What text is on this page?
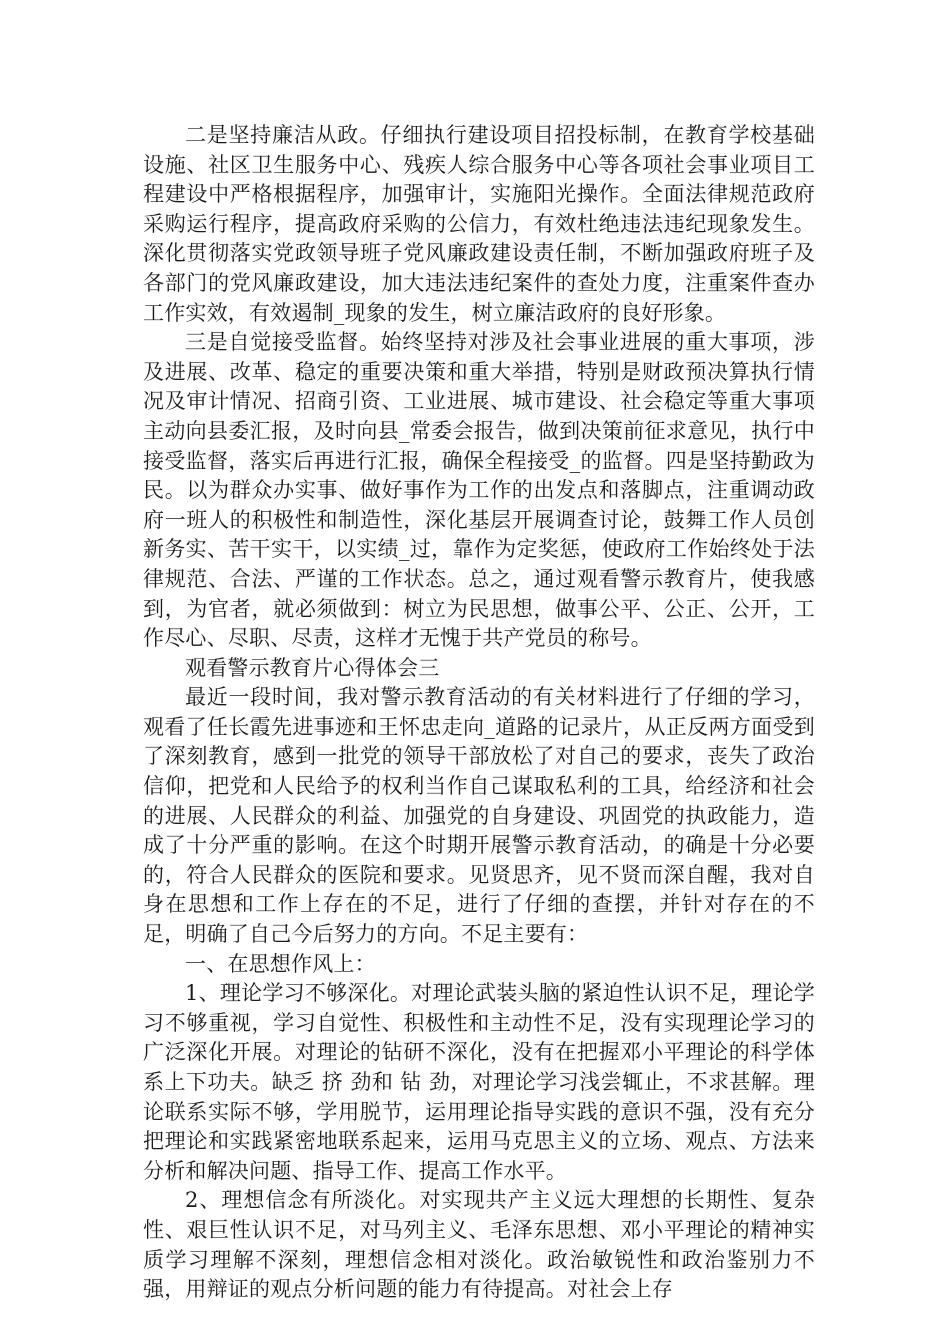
二是坚持廉洁从政。仔细执行建设项目招投标制，在教育学校基础设施、社区卫生服务中心、残疾人综合服务中心等各项社会事业项目工程建设中严格根据程序，加强审计，实施阳光操作。全面法律规范政府采购运行程序，提高政府采购的公信力，有效杜绝违法违纪现象发生。深化贯彻落实党政领导班子党风廉政建设责任制，不断加强政府班子及各部门的党风廉政建设，加大违法违纪案件的查处力度，注重案件查办工作实效，有效遏制_现象的发生，树立廉洁政府的良好形象。

三是自觉接受监督。始终坚持对涉及社会事业进展的重大事项，涉及进展、改革、稳定的重要决策和重大举措，特别是财政预决算执行情况及审计情况、招商引资、工业进展、城市建设、社会稳定等重大事项主动向县委汇报，及时向县_常委会报告，做到决策前征求意见，执行中接受监督，落实后再进行汇报，确保全程接受_的监督。四是坚持勤政为民。以为群众办实事、做好事作为工作的出发点和落脚点，注重调动政府一班人的积极性和制造性，深化基层开展调查讨论，鼓舞工作人员创新务实、苦干实干，以实绩_过，靠作为定奖惩，使政府工作始终处于法律规范、合法、严谨的工作状态。总之，通过观看警示教育片，使我感到，为官者，就必须做到：树立为民思想，做事公平、公正、公开，工作尽心、尽职、尽责，这样才无愧于共产党员的称号。

观看警示教育片心得体会三

最近一段时间，我对警示教育活动的有关材料进行了仔细的学习，观看了任长霞先进事迹和王怀忠走向_道路的记录片，从正反两方面受到了深刻教育，感到一批党的领导干部放松了对自己的要求，丧失了政治信仰，把党和人民给予的权利当作自己谋取私利的工具，给经济和社会的进展、人民群众的利益、加强党的自身建设、巩固党的执政能力，造成了十分严重的影响。在这个时期开展警示教育活动，的确是十分必要的，符合人民群众的医院和要求。见贤思齐，见不贤而深自醒，我对自身在思想和工作上存在的不足，进行了仔细的查摆，并针对存在的不足，明确了自己今后努力的方向。不足主要有：

一、在思想作风上：

1、理论学习不够深化。对理论武装头脑的紧迫性认识不足，理论学习不够重视，学习自觉性、积极性和主动性不足，没有实现理论学习的广泛深化开展。对理论的钻研不深化，没有在把握邓小平理论的科学体系上下功夫。缺乏 挤 劲和 钻 劲，对理论学习浅尝辄止，不求甚解。理论联系实际不够，学用脱节，运用理论指导实践的意识不强，没有充分把理论和实践紧密地联系起来，运用马克思主义的立场、观点、方法来分析和解决问题、指导工作、提高工作水平。

2、理想信念有所淡化。对实现共产主义远大理想的长期性、复杂性、艰巨性认识不足，对马列主义、毛泽东思想、邓小平理论的精神实质学习理解不深刻，理想信念相对淡化。政治敏锐性和政治鉴别力不强，用辩证的观点分析问题的能力有待提高。对社会上存
